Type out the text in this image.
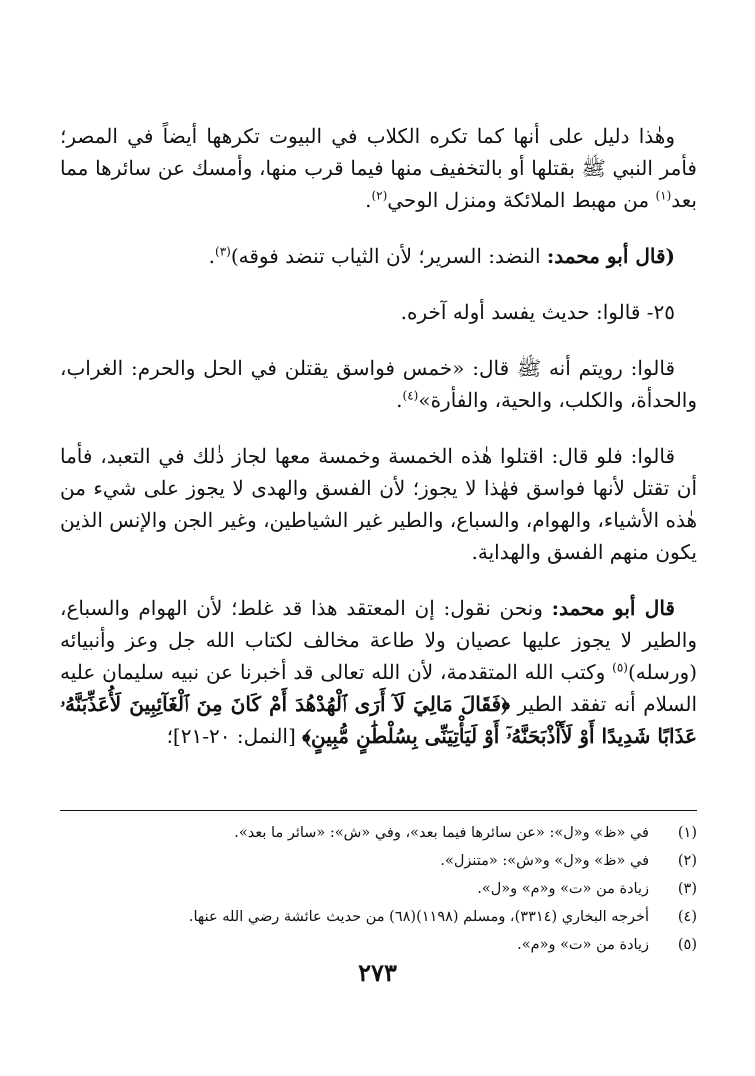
وهٰذا دليل على أنها كما تكره الكلاب في البيوت تكرهها أيضاً في المصر؛ فأمر النبي ﷺ بقتلها أو بالتخفيف منها فيما قرب منها، وأمسك عن سائرها مما بعد$^{(١)}$ من مهبط الملائكة ومنزل الوحي$^{(٢)}$.

(قال أبو محمد: النضد: السرير؛ لأن الثياب تنضد فوقه)$^{(٣)}$.

٢٥- قالوا: حديث يفسد أوله آخره.

قالوا: رويتم أنه ﷺ قال: «خمس فواسق يقتلن في الحل والحرم: الغراب، والحدأة، والكلب، والحية، والفأرة»$^{(٤)}$.

قالوا: فلو قال: اقتلوا هٰذه الخمسة وخمسة معها لجاز ذٰلك في التعبد، فأما أن تقتل لأنها فواسق فهٰذا لا يجوز؛ لأن الفسق والهدى لا يجوز على شيء من هٰذه الأشياء، والهوام، والسباع، والطير غير الشياطين، وغير الجن والإنس الذين يكون منهم الفسق والهداية.

قال أبو محمد: ونحن نقول: إن المعتقد هذا قد غلط؛ لأن الهوام والسباع، والطير لا يجوز عليها عصيان ولا طاعة مخالف لكتاب الله جل وعز وأنبيائه (ورسله)$^{(٥)}$ وكتب الله المتقدمة، لأن الله تعالى قد أخبرنا عن نبيه سليمان عليه السلام أنه تفقد الطير ﴿فَقَالَ مَالِيَ لَآ أَرَى ٱلْهُدْهُدَ أَمْ كَانَ مِنَ ٱلْغَآئِبِينَ لَأُعَذِّبَنَّهُۥ عَذَابًا شَدِيدًا أَوْ لَأَاْذْبَحَنَّهُۥٓ أَوْ لَيَأْتِيَنِّى بِسُلْطَٰنٍ مُّبِينٍ﴾ [النمل: ٢٠-٢١]؛

(١)
في «ظ» و«ل»: «عن سائرها فيما بعد»، وفي «ش»: «سائر ما بعد».
(٢)
في «ظ» و«ل» و«ش»: «متنزل».
(٣)
زيادة من «ت» و«م» و«ل».
(٤)
أخرجه البخاري (٣٣١٤)، ومسلم (١١٩٨)(٦٨) من حديث عائشة رضي الله عنها.
(٥)
زيادة من «ت» و«م».
٢٧٣
